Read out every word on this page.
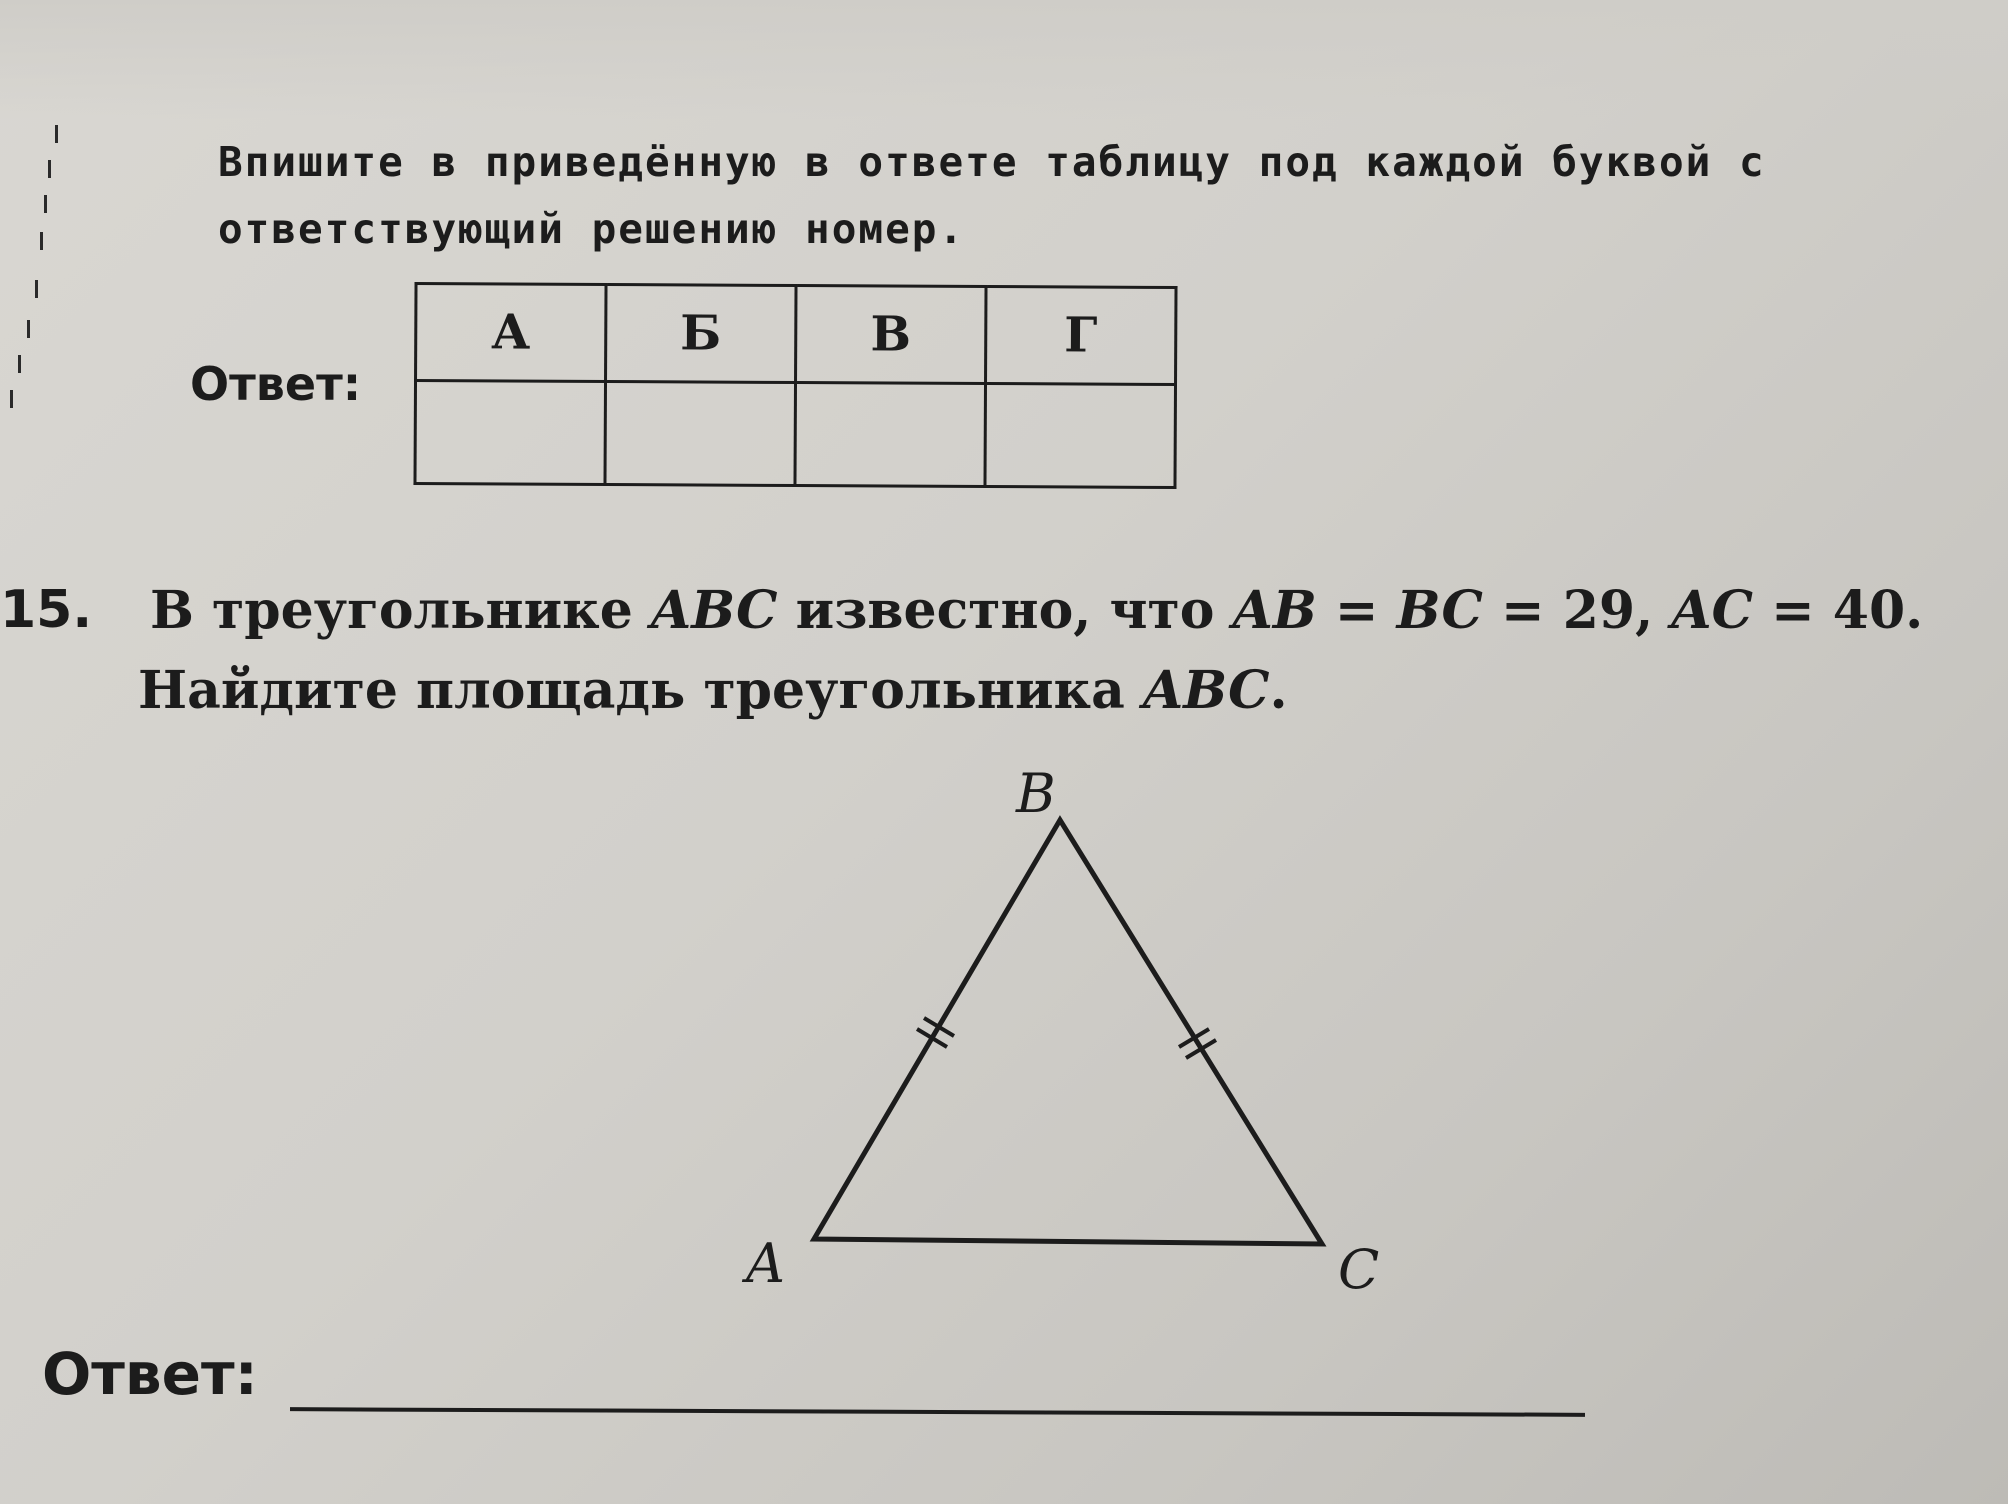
Впишите в приведённую в ответе таблицу под каждой буквой с
ответствующий решению номер.
Ответ:
А	Б	В	Г

15. В треугольнике ABC известно, что AB = BC = 29, AC = 40.
Найдите площадь треугольника ABC.
B
A	C
Ответ:
